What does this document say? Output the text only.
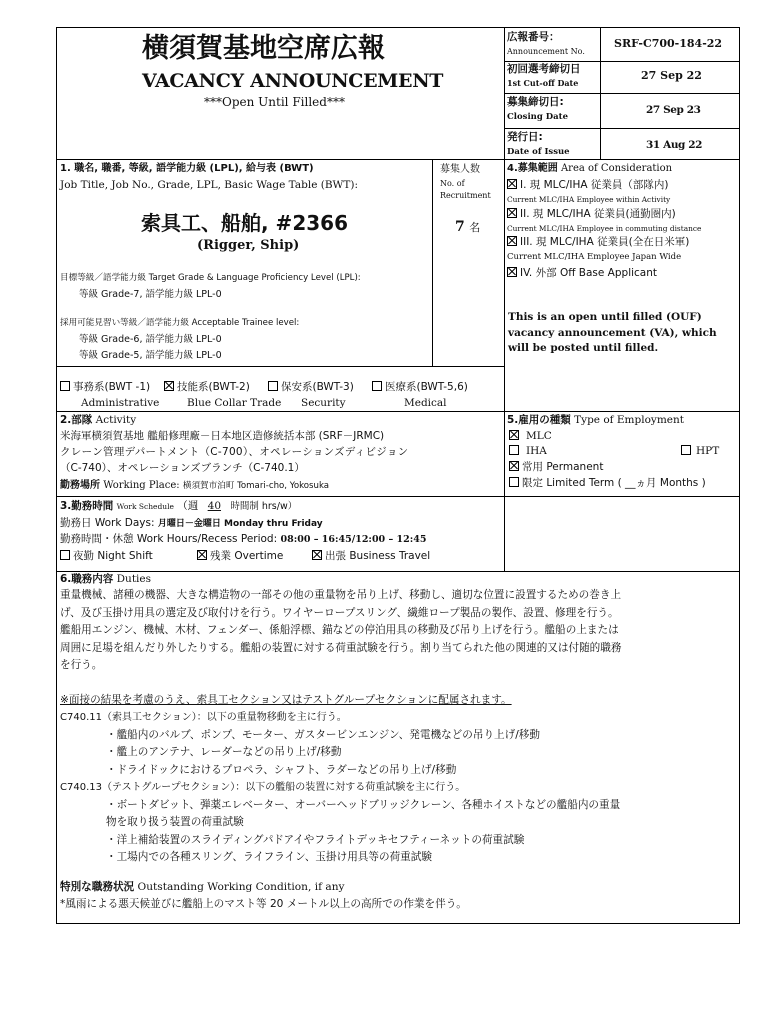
横須賀基地空席広報
VACANCY ANNOUNCEMENT
***Open Until Filled***
広報番号：
Announcement No.
SRF-C700-184-22
初回選考締切日
1st Cut-off Date
27 Sep 22
募集締切日:
Closing Date
27 Sep 23
発行日:
Date of Issue
31 Aug 22
1. 職名, 職番, 等級, 語学能力級 (LPL), 給与表 (BWT)
Job Title, Job No., Grade, LPL, Basic Wage Table (BWT):
索具工、船舶, #2366
(Rigger, Ship)
目標等級／語学能力級 Target Grade & Language Proficiency Level (LPL):
等級 Grade-7, 語学能力級 LPL-0
採用可能見習い等級／語学能力級 Acceptable Trainee level:
等級 Grade-6, 語学能力級 LPL-0
等級 Grade-5, 語学能力級 LPL-0
募集人数
No. of
Recruitment
7 名
4.募集範囲 Area of Consideration
I. 現 MLC/IHA 従業員（部隊内)
Current MLC/IHA Employee within Activity
II. 現 MLC/IHA 従業員(通勤圏内)
Current MLC/IHA Employee in commuting distance
III. 現 MLC/IHA 従業員(全在日米軍)
Current MLC/IHA Employee Japan Wide
IV. 外部 Off Base Applicant
This is an open until filled (OUF) vacancy announcement (VA), which will be posted until filled.
事務系(BWT -1)
Administrative
技能系(BWT-2)
Blue Collar Trade
保安系(BWT-3)
Security
医療系(BWT-5,6)
Medical
2.部隊 Activity
米海軍横須賀基地 艦船修理廠－日本地区造修統括本部 (SRF－JRMC)
クレーン管理デパートメント（C-700）、オペレーションズディビジョン
（C-740）、オペレーションズブランチ（C-740.1）
勤務場所 Working Place: 横須賀市泊町 Tomari-cho, Yokosuka
3.勤務時間 Work Schedule （週 40 時間制 hrs/w）
勤務日 Work Days: 月曜日－金曜日 Monday thru Friday
勤務時間・休憩 Work Hours/Recess Period: 08:00 – 16:45/12:00 – 12:45
夜勤 Night Shift	残業 Overtime	出張 Business Travel
5.雇用の種類 Type of Employment
MLC
IHA	HPT
常用 Permanent
限定 Limited Term ( __ヵ月 Months )
6.職務内容 Duties

重量機械、諸種の機器、大きな構造物の一部その他の重量物を吊り上げ、移動し、適切な位置に設置するための巻き上

げ、及び玉掛け用具の選定及び取付けを行う。ワイヤーロープスリング、繊維ロープ製品の製作、設置、修理を行う。

艦船用エンジン、機械、木材、フェンダー、係船浮標、錨などの停泊用具の移動及び吊り上げを行う。艦船の上または

周囲に足場を組んだり外したりする。艦船の装置に対する荷重試験を行う。割り当てられた他の関連的又は付随的職務

を行う。

※面接の結果を考慮のうえ、索具工セクション又はテストグループセクションに配属されます。

C740.11（索具工セクション）：以下の重量物移動を主に行う。

・艦船内のバルブ、ポンプ、モーター、ガスタービンエンジン、発電機などの吊り上げ/移動

・艦上のアンテナ、レーダーなどの吊り上げ/移動

・ドライドックにおけるプロペラ、シャフト、ラダーなどの吊り上げ/移動

C740.13（テストグループセクション）：以下の艦船の装置に対する荷重試験を主に行う。

・ボートダビット、弾薬エレベーター、オーバーヘッドブリッジクレーン、各種ホイストなどの艦船内の重量

物を取り扱う装置の荷重試験

・洋上補給装置のスライディングパドアイやフライトデッキセフティーネットの荷重試験

・工場内での各種スリング、ライフライン、玉掛け用具等の荷重試験

特別な職務状況 Outstanding Working Condition, if any

*風雨による悪天候並びに艦船上のマスト等 20 メートル以上の高所での作業を伴う。
